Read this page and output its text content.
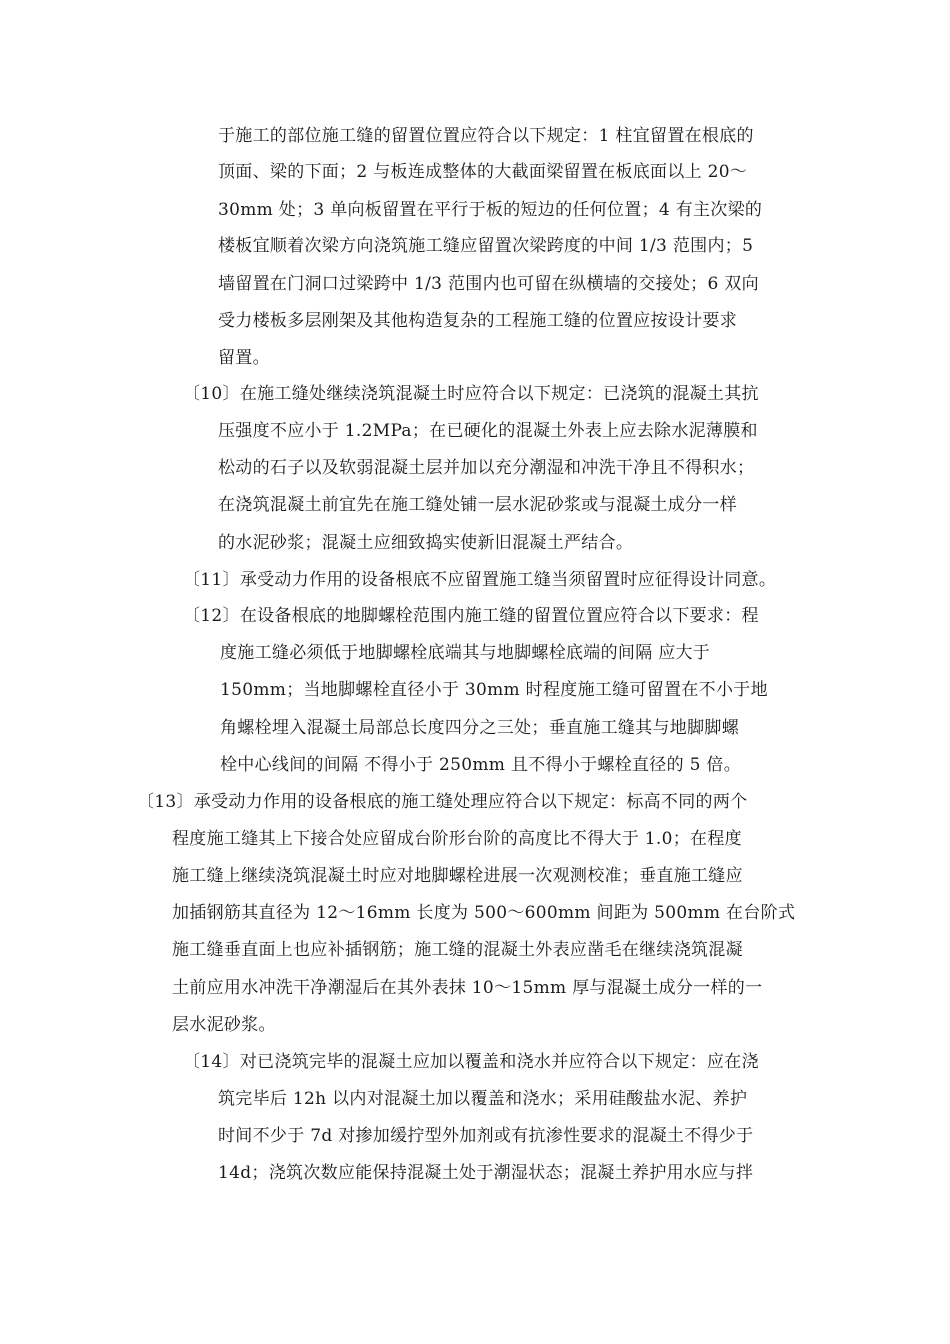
于施工的部位施工缝的留置位置应符合以下规定：1 柱宜留置在根底的
顶面、梁的下面；2 与板连成整体的大截面梁留置在板底面以上 20～
30mm 处；3 单向板留置在平行于板的短边的任何位置；4 有主次梁的
楼板宜顺着次梁方向浇筑施工缝应留置次梁跨度的中间 1/3 范围内；5
墙留置在门洞口过梁跨中 1/3 范围内也可留在纵横墙的交接处；6 双向
受力楼板多层刚架及其他构造复杂的工程施工缝的位置应按设计要求
留置。
〔10〕在施工缝处继续浇筑混凝土时应符合以下规定：已浇筑的混凝土其抗
压强度不应小于 1.2MPa；在已硬化的混凝土外表上应去除水泥薄膜和
松动的石子以及软弱混凝土层并加以充分潮湿和冲洗干净且不得积水；
在浇筑混凝土前宜先在施工缝处铺一层水泥砂浆或与混凝土成分一样
的水泥砂浆；混凝土应细致捣实使新旧混凝土严结合。
〔11〕承受动力作用的设备根底不应留置施工缝当须留置时应征得设计同意。
〔12〕在设备根底的地脚螺栓范围内施工缝的留置位置应符合以下要求：程
度施工缝必须低于地脚螺栓底端其与地脚螺栓底端的间隔 应大于
150mm；当地脚螺栓直径小于 30mm 时程度施工缝可留置在不小于地
角螺栓埋入混凝土局部总长度四分之三处；垂直施工缝其与地脚脚螺
栓中心线间的间隔 不得小于 250mm 且不得小于螺栓直径的 5 倍。
〔13〕承受动力作用的设备根底的施工缝处理应符合以下规定：标高不同的两个
程度施工缝其上下接合处应留成台阶形台阶的高度比不得大于 1.0；在程度
施工缝上继续浇筑混凝土时应对地脚螺栓进展一次观测校准；垂直施工缝应
加插钢筋其直径为 12～16mm 长度为 500～600mm 间距为 500mm 在台阶式
施工缝垂直面上也应补插钢筋；施工缝的混凝土外表应凿毛在继续浇筑混凝
土前应用水冲洗干净潮湿后在其外表抹 10～15mm 厚与混凝土成分一样的一
层水泥砂浆。
〔14〕对已浇筑完毕的混凝土应加以覆盖和浇水并应符合以下规定：应在浇
筑完毕后 12h 以内对混凝土加以覆盖和浇水；采用硅酸盐水泥、养护
时间不少于 7d 对掺加缓拧型外加剂或有抗渗性要求的混凝土不得少于
14d；浇筑次数应能保持混凝土处于潮湿状态；混凝土养护用水应与拌
